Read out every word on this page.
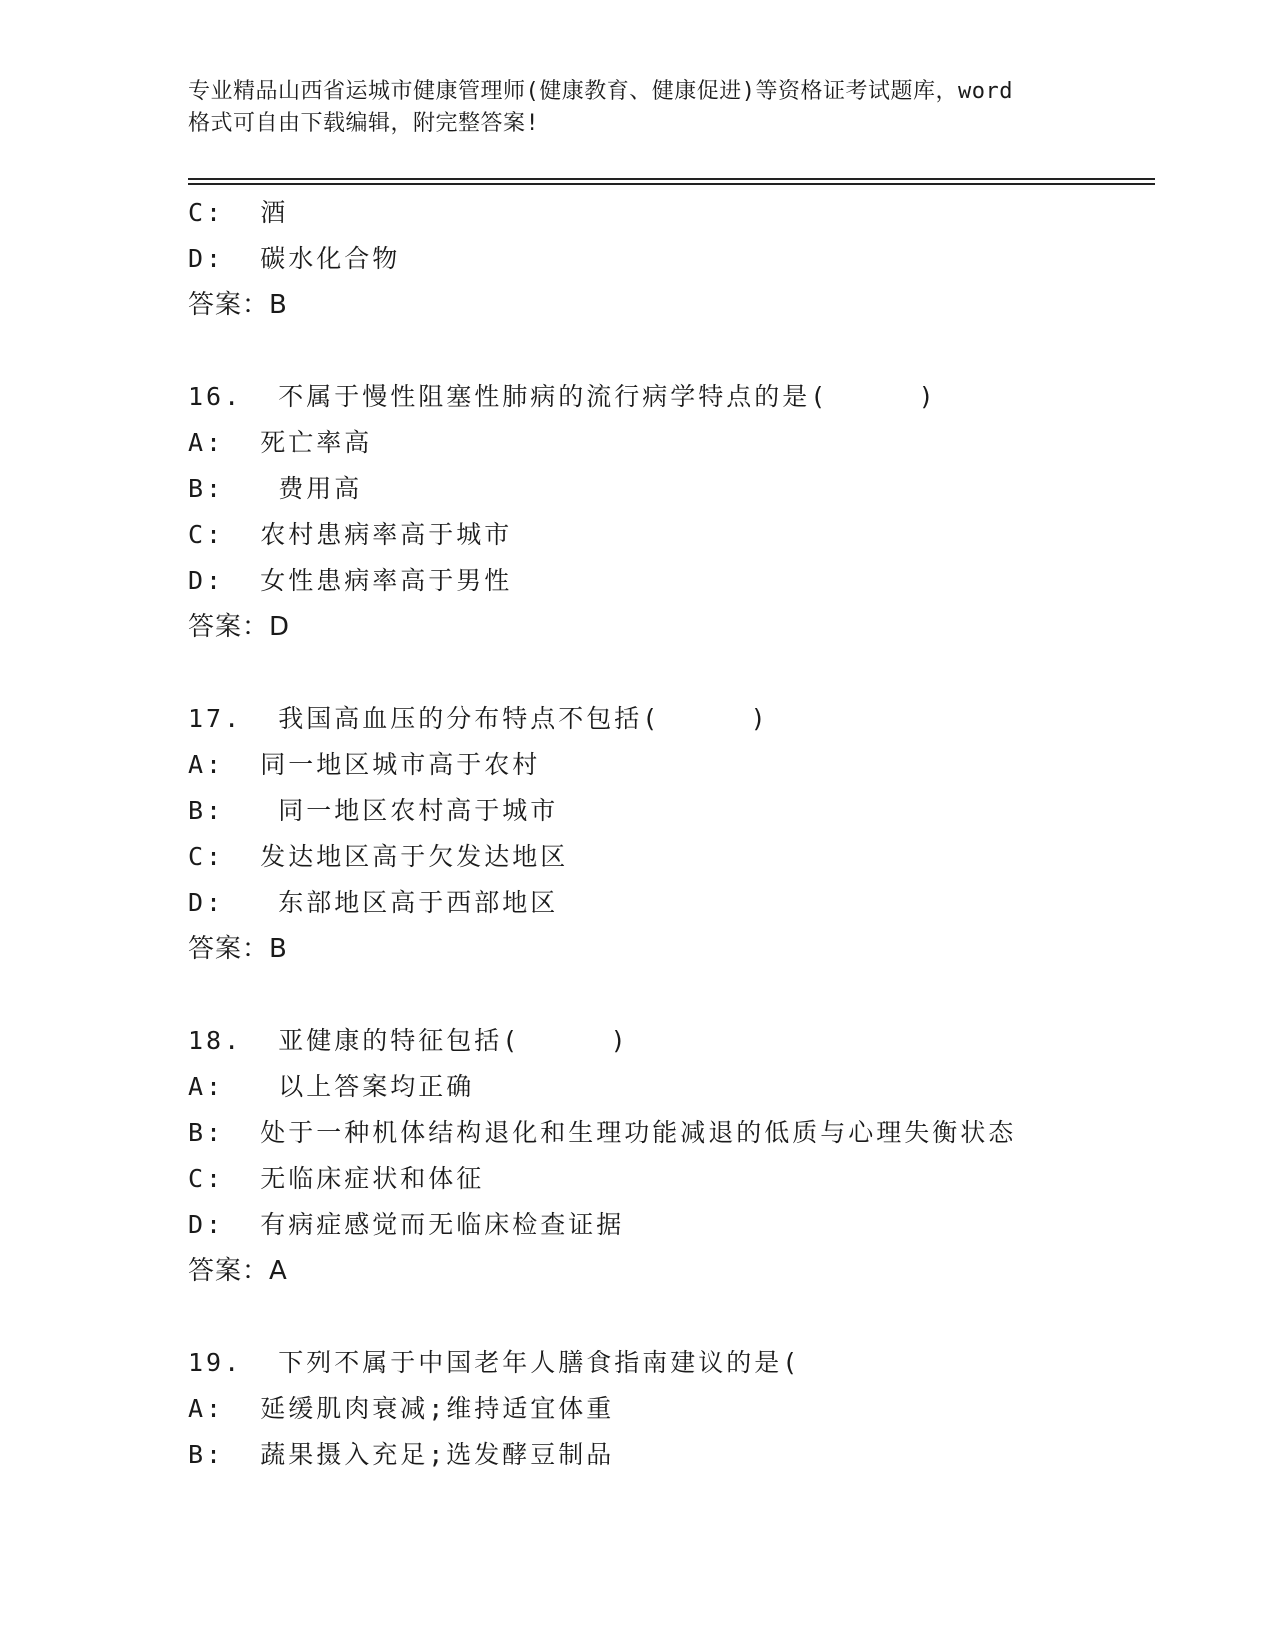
专业精品山西省运城市健康管理师(健康教育、健康促进)等资格证考试题库，word
格式可自由下载编辑，附完整答案!
C:  酒
D:  碳水化合物
答案：B
16.  不属于慢性阻塞性肺病的流行病学特点的是(     )
A:  死亡率高
B:   费用高
C:  农村患病率高于城市
D:  女性患病率高于男性
答案：D
17.  我国高血压的分布特点不包括(     )
A:  同一地区城市高于农村
B:   同一地区农村高于城市
C:  发达地区高于欠发达地区
D:   东部地区高于西部地区
答案：B
18.  亚健康的特征包括(     )
A:   以上答案均正确
B:  处于一种机体结构退化和生理功能减退的低质与心理失衡状态
C:  无临床症状和体征
D:  有病症感觉而无临床检查证据
答案：A
19.  下列不属于中国老年人膳食指南建议的是(
A:  延缓肌肉衰减;维持适宜体重
B:  蔬果摄入充足;选发酵豆制品
